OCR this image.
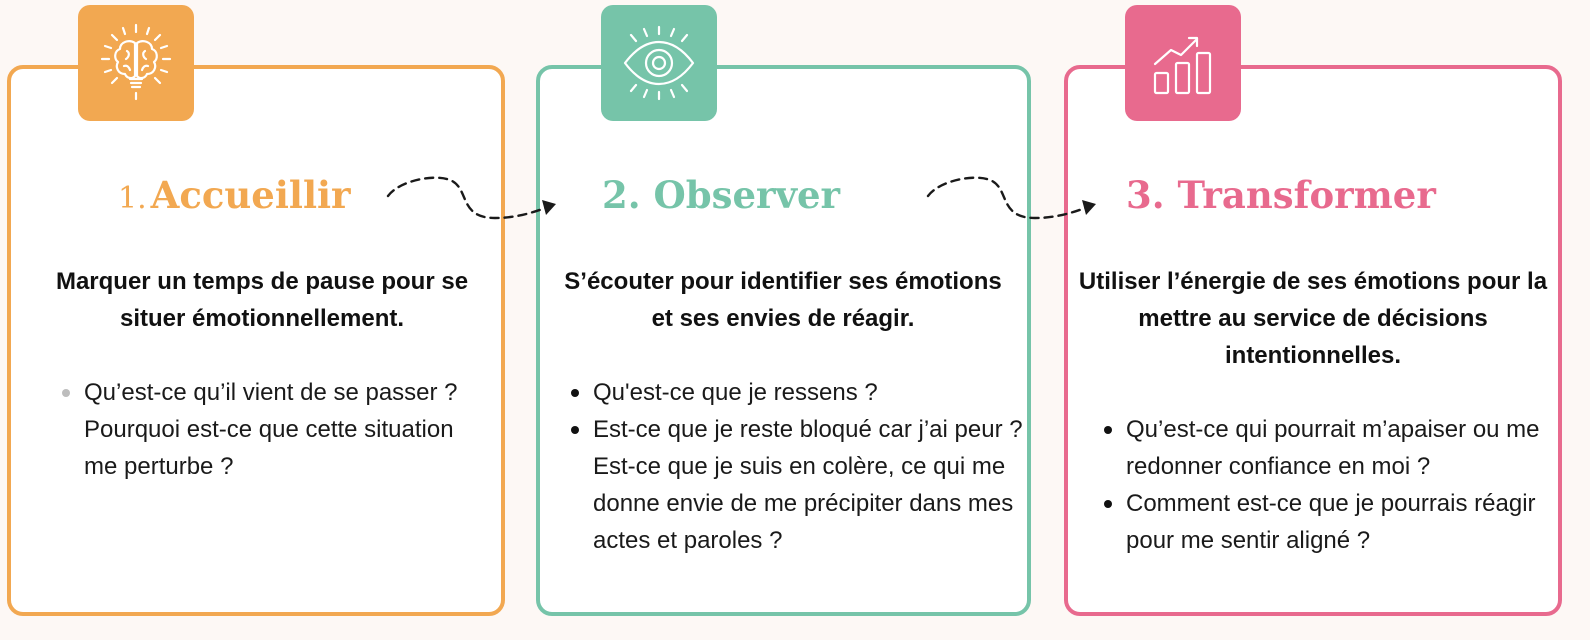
1. Accueillir	2. Observer	3. Transformer

Marquer un temps de pause pour se situer émotionnellement.

S’écouter pour identifier ses émotions et ses envies de réagir.

Utiliser l’énergie de ses émotions pour la mettre au service de décisions intentionnelles.

Qu’est-ce qu’il vient de se passer ? Pourquoi est-ce que cette situation me perturbe ?
Qu'est-ce que je ressens ?
Est-ce que je reste bloqué car j’ai peur ? Est-ce que je suis en colère, ce qui me donne envie de me précipiter dans mes actes et paroles ?
Qu’est-ce qui pourrait m’apaiser ou me redonner confiance en moi ?
Comment est-ce que je pourrais réagir pour me sentir aligné ?
